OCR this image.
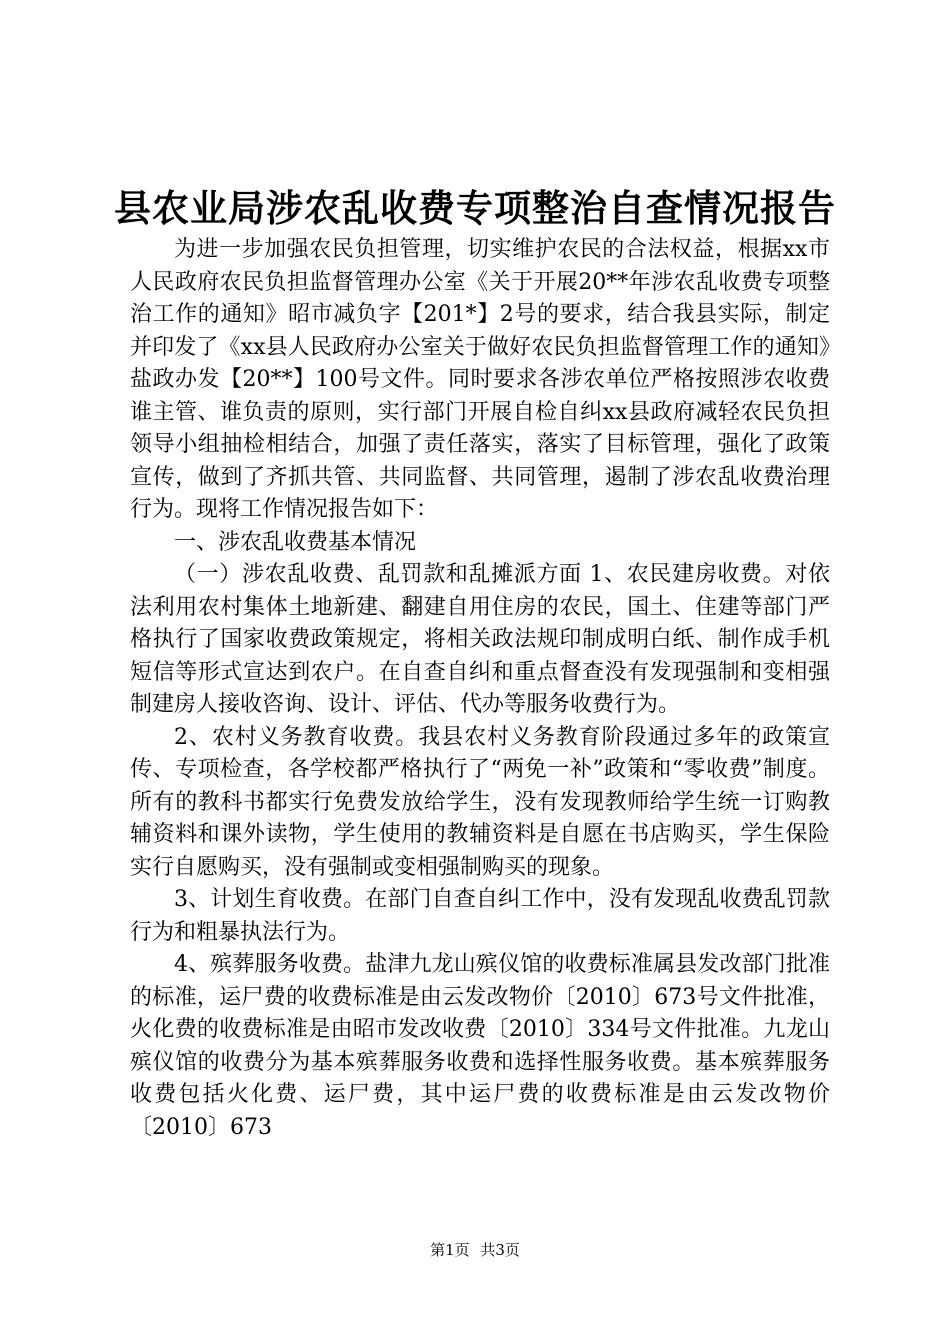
县农业局涉农乱收费专项整治自查情况报告

为进一步加强农民负担管理，切实维护农民的合法权益，根据xx市人民政府农民负担监督管理办公室《关于开展20**年涉农乱收费专项整治工作的通知》昭市减负字【201*】2号的要求，结合我县实际，制定并印发了《xx县人民政府办公室关于做好农民负担监督管理工作的通知》盐政办发【20**】100号文件。同时要求各涉农单位严格按照涉农收费谁主管、谁负责的原则，实行部门开展自检自纠xx县政府减轻农民负担领导小组抽检相结合，加强了责任落实，落实了目标管理，强化了政策宣传，做到了齐抓共管、共同监督、共同管理，遏制了涉农乱收费治理行为。现将工作情况报告如下：

一、涉农乱收费基本情况

（一）涉农乱收费、乱罚款和乱摊派方面 1、农民建房收费。对依法利用农村集体土地新建、翻建自用住房的农民，国土、住建等部门严格执行了国家收费政策规定，将相关政法规印制成明白纸、制作成手机短信等形式宣达到农户。在自查自纠和重点督查没有发现强制和变相强制建房人接收咨询、设计、评估、代办等服务收费行为。

2、农村义务教育收费。我县农村义务教育阶段通过多年的政策宣传、专项检查，各学校都严格执行了“两免一补”政策和“零收费”制度。所有的教科书都实行免费发放给学生，没有发现教师给学生统一订购教辅资料和课外读物，学生使用的教辅资料是自愿在书店购买，学生保险实行自愿购买，没有强制或变相强制购买的现象。

3、计划生育收费。在部门自查自纠工作中，没有发现乱收费乱罚款行为和粗暴执法行为。

4、殡葬服务收费。盐津九龙山殡仪馆的收费标准属县发改部门批准的标准，运尸费的收费标准是由云发改物价〔2010〕673号文件批准，火化费的收费标准是由昭市发改收费〔2010〕334号文件批准。九龙山殡仪馆的收费分为基本殡葬服务收费和选择性服务收费。基本殡葬服务收费包括火化费、运尸费，其中运尸费的收费标准是由云发改物价〔2010〕673

第1页 共3页
